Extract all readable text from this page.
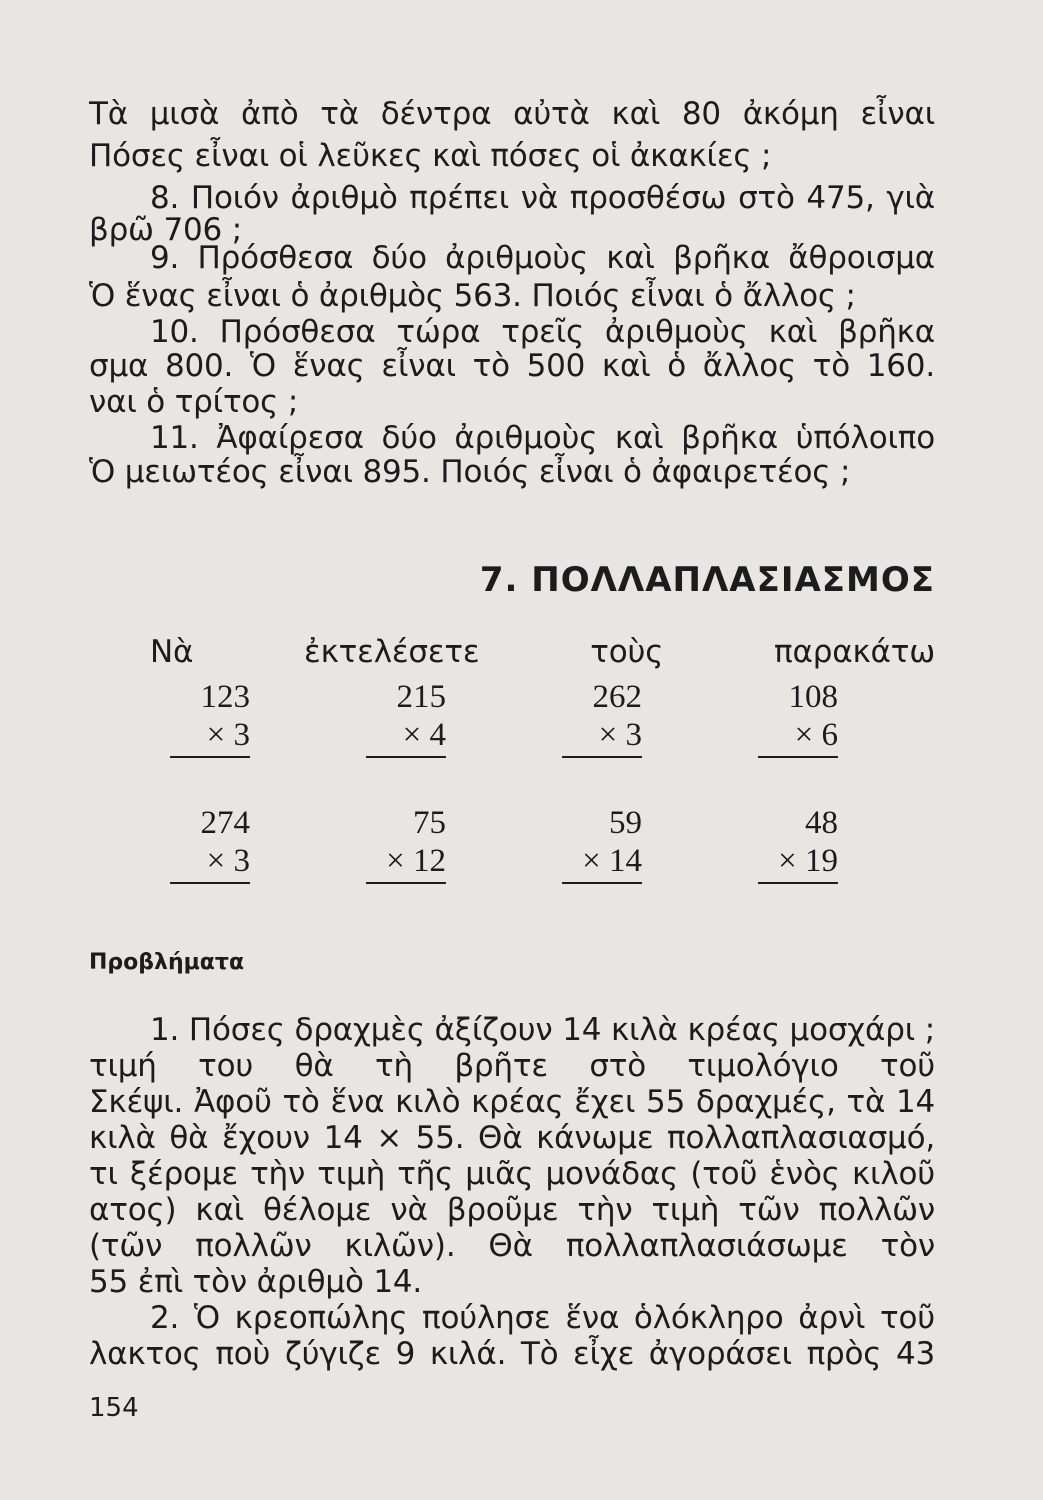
Τὰ μισὰ ἀπὸ τὰ δέντρα αὐτὰ καὶ 80 ἀκόμη εἶναι
Πόσες εἶναι οἱ λεῦκες καὶ πόσες οἱ ἀκακίες ;
8. Ποιόν ἀριθμὸ πρέπει νὰ προσθέσω στὸ 475, γιὰ
βρῶ 706 ;
9. Πρόσθεσα δύο ἀριθμοὺς καὶ βρῆκα ἄθροισμα
Ὁ ἕνας εἶναι ὁ ἀριθμὸς 563. Ποιός εἶναι ὁ ἄλλος ;
10. Πρόσθεσα τώρα τρεῖς ἀριθμοὺς καὶ βρῆκα
σμα 800. Ὁ ἕνας εἶναι τὸ 500 καὶ ὁ ἄλλος τὸ 160.
ναι ὁ τρίτος ;
11. Ἀφαίρεσα δύο ἀριθμοὺς καὶ βρῆκα ὑπόλοιπο
Ὁ μειωτέος εἶναι 895. Ποιός εἶναι ὁ ἀφαιρετέος ;
7. ΠΟΛΛΑΠΛΑΣΙΑΣΜΟΣ
Νὰ ἐκτελέσετε τοὺς παρακάτω
123
× 3
215
× 4
262
× 3
108
× 6
274
× 3
75
× 12
59
× 14
48
× 19
Προβλήματα
1. Πόσες δραχμὲς ἀξίζουν 14 κιλὰ κρέας μοσχάρι ;
τιμή του θὰ τὴ βρῆτε στὸ τιμολόγιο τοῦ
Σκέψι. Ἀφοῦ τὸ ἕνα κιλὸ κρέας ἔχει 55 δραχμές, τὰ 14
κιλὰ θὰ ἔχουν 14 × 55. Θὰ κάνωμε πολλαπλασιασμό,
τι ξέρομε τὴν τιμὴ τῆς μιᾶς μονάδας (τοῦ ἑνὸς κιλοῦ
ατος) καὶ θέλομε νὰ βροῦμε τὴν τιμὴ τῶν πολλῶν
(τῶν πολλῶν κιλῶν). Θὰ πολλαπλασιάσωμε τὸν
55 ἐπὶ τὸν ἀριθμὸ 14.
2. Ὁ κρεοπώλης πούλησε ἕνα ὁλόκληρο ἀρνὶ τοῦ
λακτος ποὺ ζύγιζε 9 κιλά. Τὸ εἶχε ἀγοράσει πρὸς 43
154
